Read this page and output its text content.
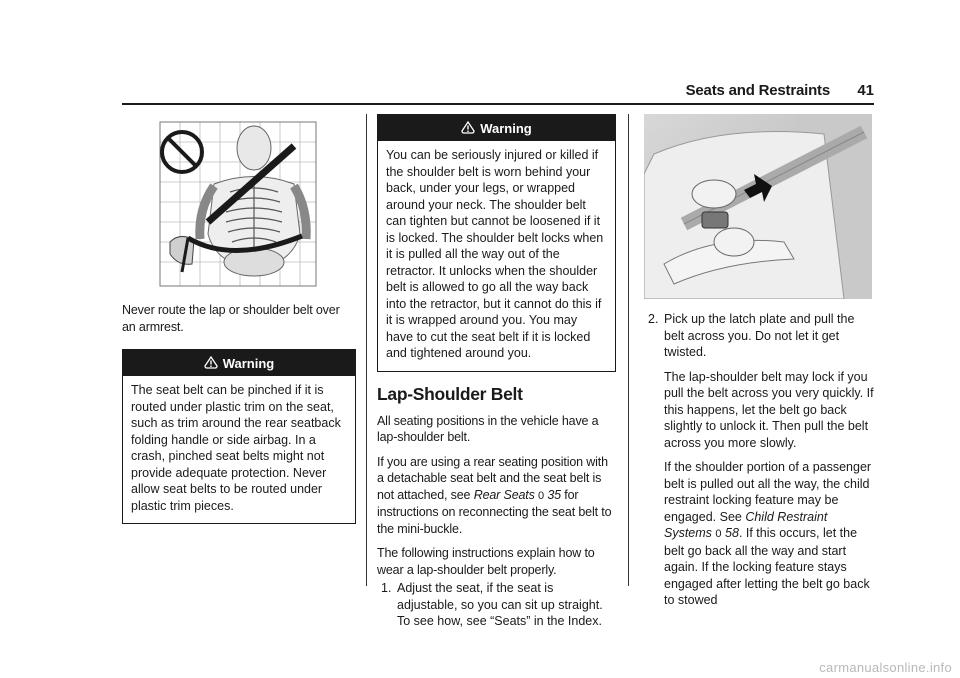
Seats and Restraints 41

Never route the lap or shoulder belt over an armrest.

Warning
The seat belt can be pinched if it is routed under plastic trim on the seat, such as trim around the rear seatback folding handle or side airbag. In a crash, pinched seat belts might not provide adequate protection. Never allow seat belts to be routed under plastic trim pieces.
Warning
You can be seriously injured or killed if the shoulder belt is worn behind your back, under your legs, or wrapped around your neck. The shoulder belt can tighten but cannot be loosened if it is locked. The shoulder belt locks when it is pulled all the way out of the retractor. It unlocks when the shoulder belt is allowed to go all the way back into the retractor, but it cannot do this if it is wrapped around you. You may have to cut the seat belt if it is locked and tightened around you.
Lap-Shoulder Belt

All seating positions in the vehicle have a lap-shoulder belt.

If you are using a rear seating position with a detachable seat belt and the seat belt is not attached, see Rear Seats 0 35 for instructions on reconnecting the seat belt to the mini-buckle.

The following instructions explain how to wear a lap-shoulder belt properly.

1. Adjust the seat, if the seat is adjustable, so you can sit up straight. To see how, see “Seats” in the Index.
2. Pick up the latch plate and pull the belt across you. Do not let it get twisted.
The lap-shoulder belt may lock if you pull the belt across you very quickly. If this happens, let the belt go back slightly to unlock it. Then pull the belt across you more slowly.
If the shoulder portion of a passenger belt is pulled out all the way, the child restraint locking feature may be engaged. See Child Restraint Systems 0 58. If this occurs, let the belt go back all the way and start again. If the locking feature stays engaged after letting the belt go back to stowed
carmanualsonline.info
